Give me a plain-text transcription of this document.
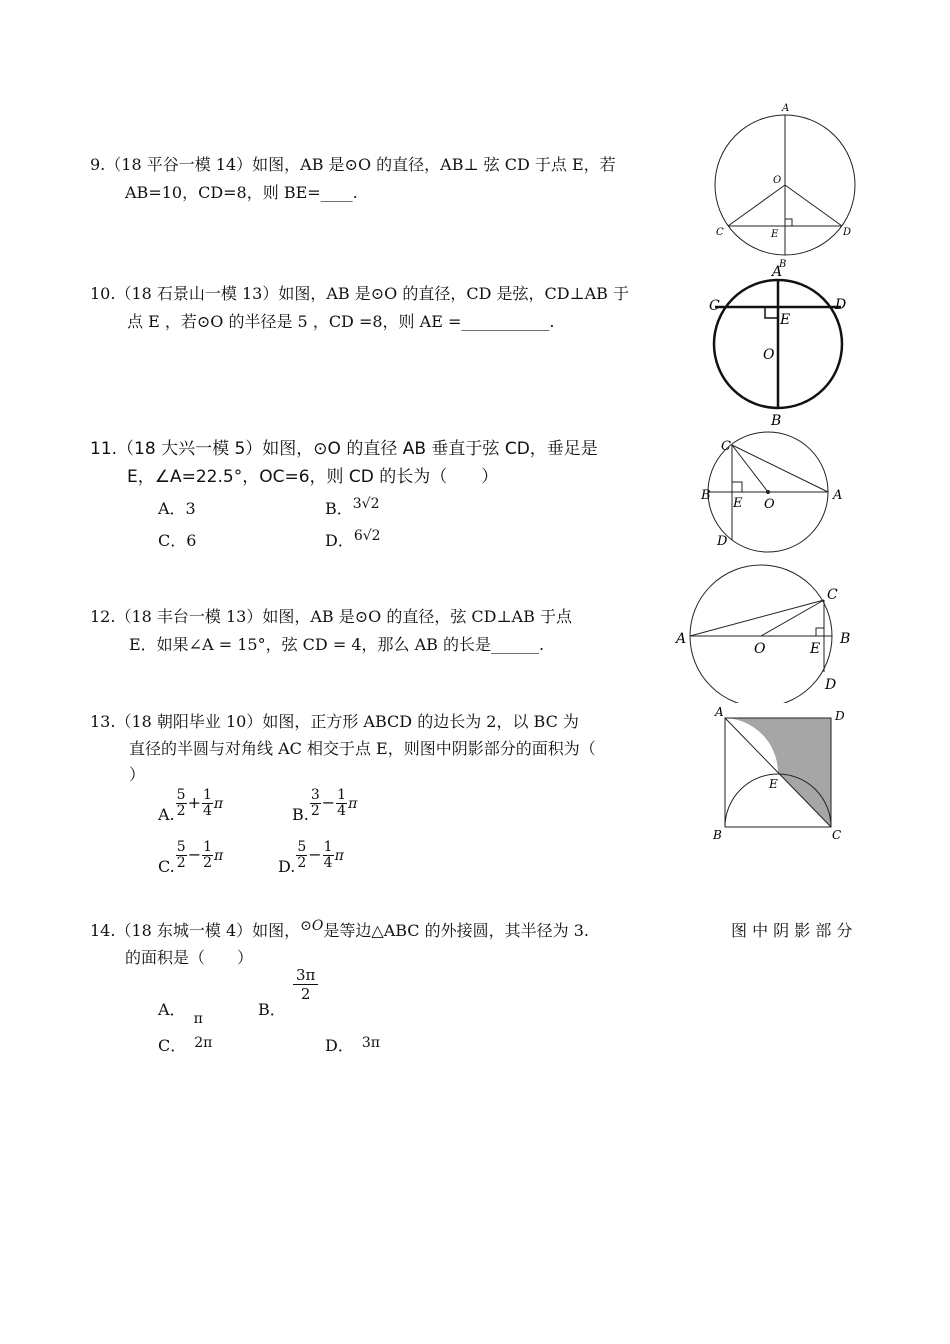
9.（18 平谷一模 14）如图，AB 是⊙O 的直径，AB⊥ 弦 CD 于点 E，若
AB=10，CD=8，则 BE=____.
A
O
C	E	D
B
10.（18 石景山一模 13）如图，AB 是⊙O 的直径，CD 是弦，CD⊥AB 于
点 E ，若⊙O 的半径是 5 ，CD =8，则 AE =___________.
A
C	D
E
O
B
11.（18 大兴一模 5）如图，⊙O 的直径 AB 垂直于弦 CD，垂足是
E，∠A=22.5°，OC=6，则 CD 的长为（　　）
A．3	B．3√2
C．6	D．6√2
C
B
E O
A
D
12.（18 丰台一模 13）如图，AB 是⊙O 的直径，弦 CD⊥AB 于点
E．如果∠A = 15°，弦 CD = 4，那么 AB 的长是______.
C
A
O	E
B
D
13.（18 朝阳毕业 10）如图，正方形 ABCD 的边长为 2，以 BC 为
直径的半圆与对角线 AC 相交于点 E，则图中阴影部分的面积为（
）
A. $\frac{5}{2} + \frac{1}{4}$ π
B. $\frac{3}{2} - \frac{1}{4}$ π
C. $\frac{5}{2} - \frac{1}{2}$ π
D. $\frac{5}{2} - \frac{1}{4}$ π
A	D
E
B	C
14.（18 东城一模 4）如图，⊙O是等边△ABC 的外接圆，其半径为 3.	图 中 阴 影 部 分
的面积是（　　）
A． π	B．
$\frac{3\pi}{2}$
C． 2π	D． 3π
